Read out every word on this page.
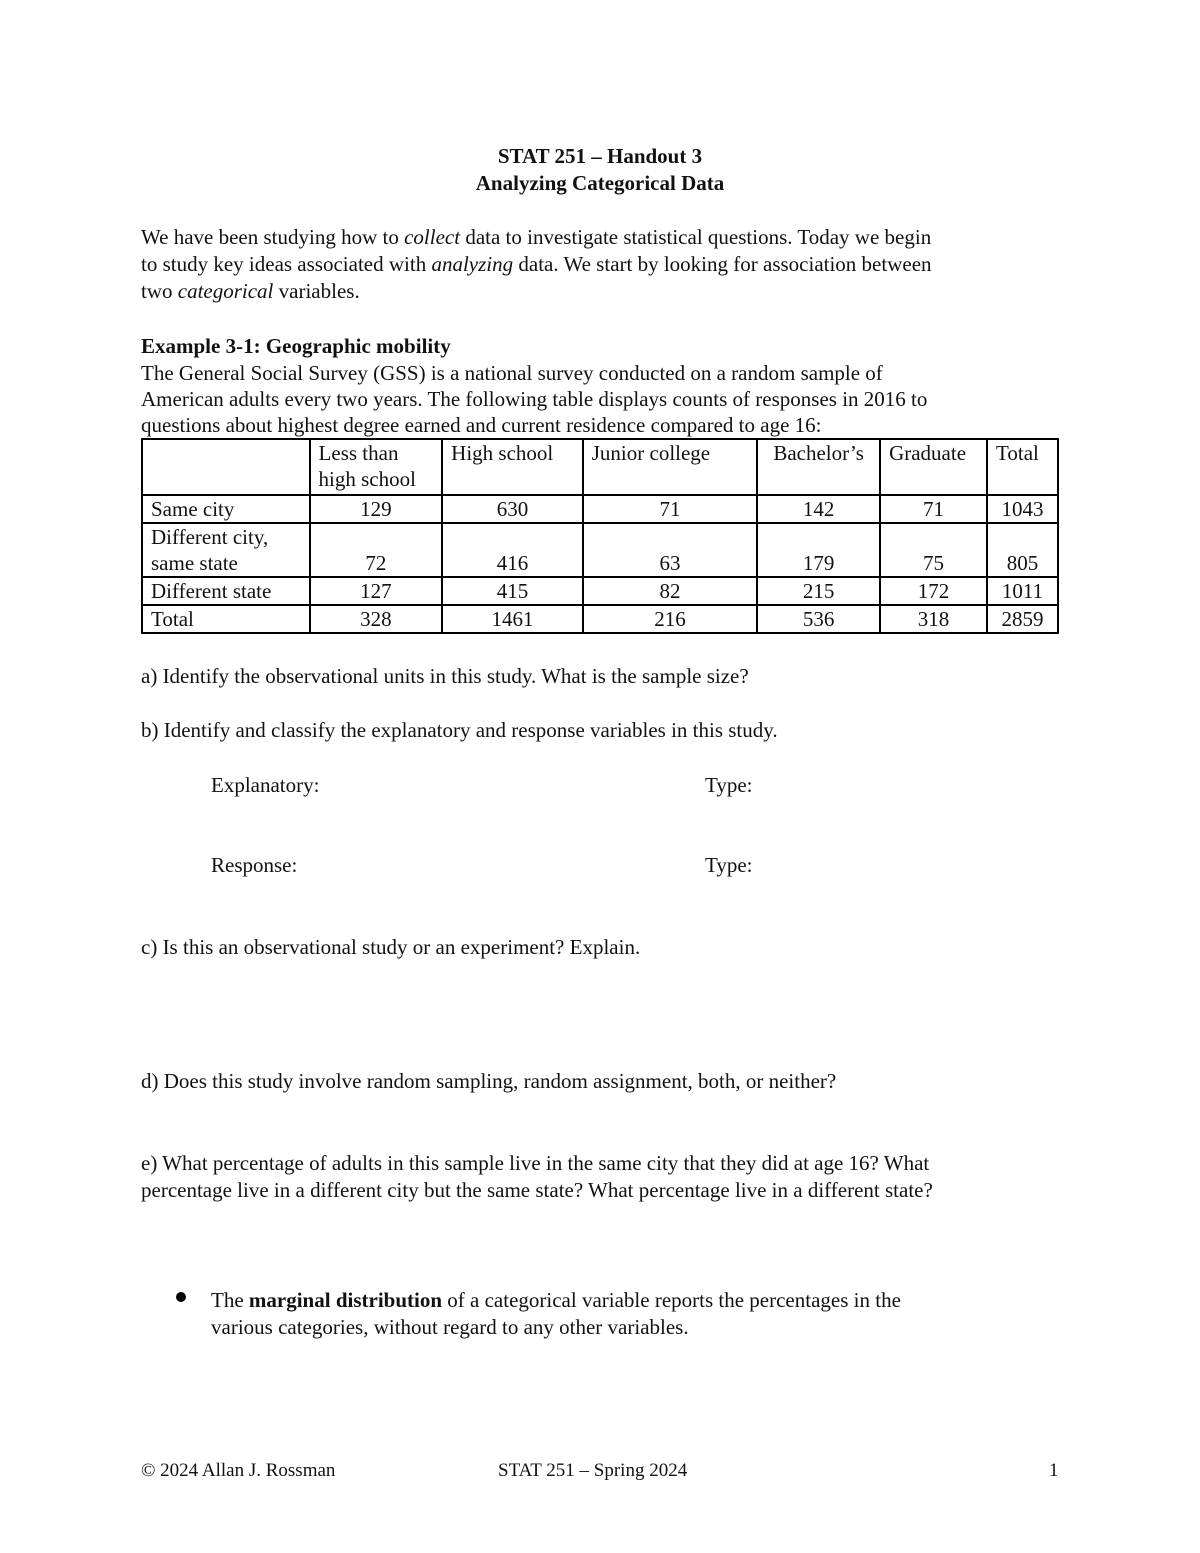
STAT 251 – Handout 3
Analyzing Categorical Data
We have been studying how to collect data to investigate statistical questions. Today we begin
to study key ideas associated with analyzing data. We start by looking for association between
two categorical variables.
Example 3-1: Geographic mobility
The General Social Survey (GSS) is a national survey conducted on a random sample of
American adults every two years. The following table displays counts of responses in 2016 to
questions about highest degree earned and current residence compared to age 16:
	Less than
high school	High school	Junior college	Bachelor’s	Graduate	Total
Same city	129	630	71	142	71	1043
Different city,
same state	72	416	63	179	75	805
Different state	127	415	82	215	172	1011
Total	328	1461	216	536	318	2859
a) Identify the observational units in this study. What is the sample size?
b) Identify and classify the explanatory and response variables in this study.
Explanatory:	Type:
Response:	Type:
c) Is this an observational study or an experiment? Explain.
d) Does this study involve random sampling, random assignment, both, or neither?
e) What percentage of adults in this sample live in the same city that they did at age 16? What
percentage live in a different city but the same state? What percentage live in a different state?
The marginal distribution of a categorical variable reports the percentages in the
various categories, without regard to any other variables.
© 2024 Allan J. Rossman	STAT 251 – Spring 2024	1
